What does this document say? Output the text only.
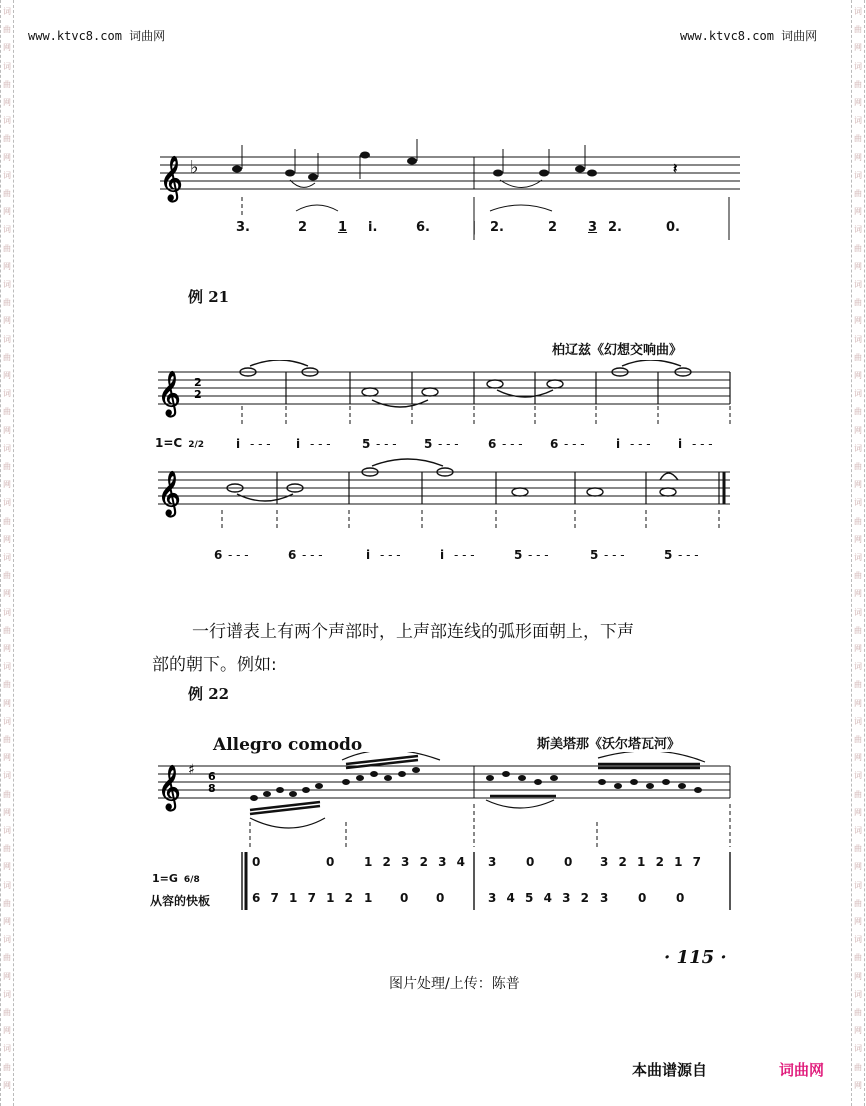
词
曲
网
词
曲
网
词
曲
网
词
曲
网
词
曲
网
词
曲
网
词
曲
网
词
曲
网
词
曲
网
词
曲
网
词
曲
网
词
曲
网
词
曲
网
词
曲
网
词
曲
网
词
曲
网
词
曲
网
词
曲
网
词
曲
网
词
曲
网
词
曲
网
词
曲
网
词
曲
网
词
曲
网
词
曲
网
词
曲
网
词
曲
网
词
曲
网
词
曲
网
词
曲
网
词
曲
网
词
曲
网
词
曲
网
词
曲
网
词
曲
网
词
曲
网
词
曲
网
词
曲
网
词
曲
网
词
曲
网
www.ktvc8.com 词曲网	www.ktvc8.com 词曲网
𝄞 ♭	𝄽
3.	2 1 i.	6.	| 2.	2 3 2.	0.
例 21
柏辽兹《幻想交响曲》
𝄞
𝄞
2
2
1=C 2/2	i - - - i - - -	5 - - - 5 - - - 6 - - - 6 - - -	i - - - i - - -
6 - - -	6 - - -	i - - -	i - - -	5 - - -	5 - - -	5 - - -
一行谱表上有两个声部时，上声部连线的弧形面朝上，下声
部的朝下。例如:
例 22
Allegro comodo	斯美塔那《沃尔塔瓦河》
𝄞 ♯ 6
8
1=G 6/8
从容的快板
0	0 1 2 3 2 3 4 3 0 0 3 2 1 2 1 7
6 7 1 7 1 2 1 0 0	3 4 5 4 3 2 3 0 0
· 115 ·
图片处理/上传：陈普
本曲谱源自	词曲网
